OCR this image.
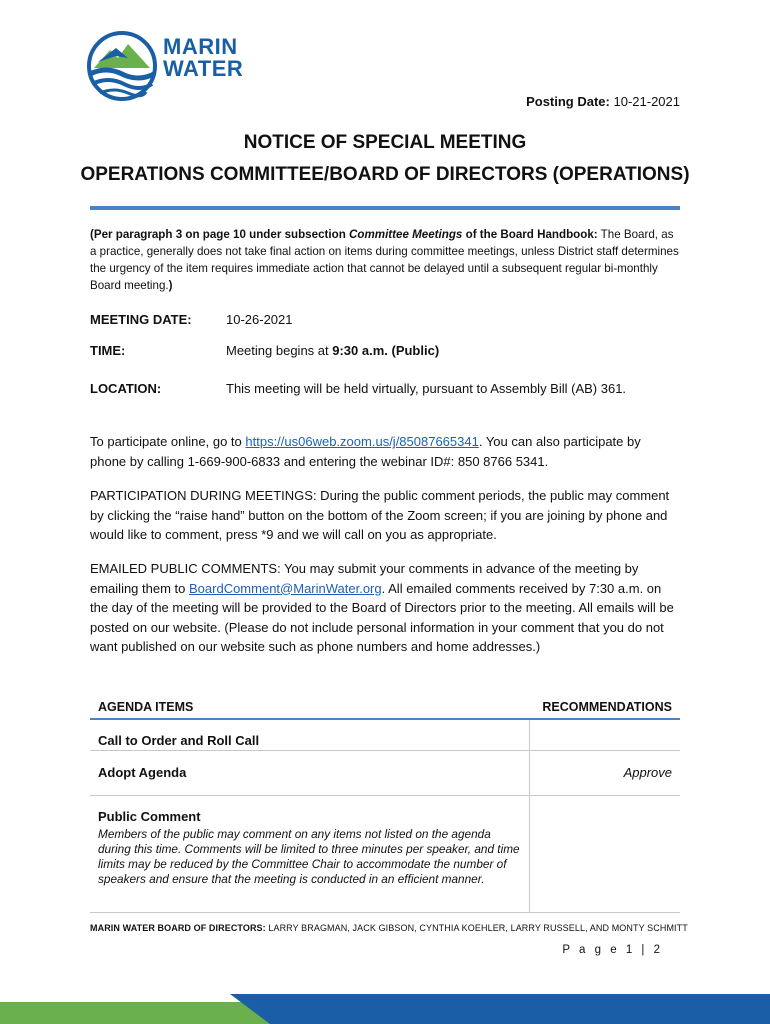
MARIN
WATER
Posting Date: 10-21-2021
NOTICE OF SPECIAL MEETING
OPERATIONS COMMITTEE/BOARD OF DIRECTORS (OPERATIONS)
(Per paragraph 3 on page 10 under subsection Committee Meetings of the Board Handbook: The Board, as a practice, generally does not take final action on items during committee meetings, unless District staff determines the urgency of the item requires immediate action that cannot be delayed until a subsequent regular bi-monthly Board meeting.)
MEETING DATE:	10-26-2021
TIME:	Meeting begins at 9:30 a.m. (Public)
LOCATION:	This meeting will be held virtually, pursuant to Assembly Bill (AB) 361.
To participate online, go to https://us06web.zoom.us/j/85087665341. You can also participate by phone by calling 1-669-900-6833 and entering the webinar ID#: 850 8766 5341.
PARTICIPATION DURING MEETINGS: During the public comment periods, the public may comment by clicking the “raise hand” button on the bottom of the Zoom screen; if you are joining by phone and would like to comment, press *9 and we will call on you as appropriate.
EMAILED PUBLIC COMMENTS: You may submit your comments in advance of the meeting by emailing them to BoardComment@MarinWater.org. All emailed comments received by 7:30 a.m. on the day of the meeting will be provided to the Board of Directors prior to the meeting. All emails will be posted on our website. (Please do not include personal information in your comment that you do not want published on our website such as phone numbers and home addresses.)
AGENDA ITEMS	RECOMMENDATIONS
Call to Order and Roll Call
Adopt Agenda	Approve
Public Comment
Members of the public may comment on any items not listed on the agenda during this time. Comments will be limited to three minutes per speaker, and time limits may be reduced by the Committee Chair to accommodate the number of speakers and ensure that the meeting is conducted in an efficient manner.
MARIN WATER BOARD OF DIRECTORS: LARRY BRAGMAN, JACK GIBSON, CYNTHIA KOEHLER, LARRY RUSSELL, AND MONTY SCHMITT
P a g e 1 | 2
